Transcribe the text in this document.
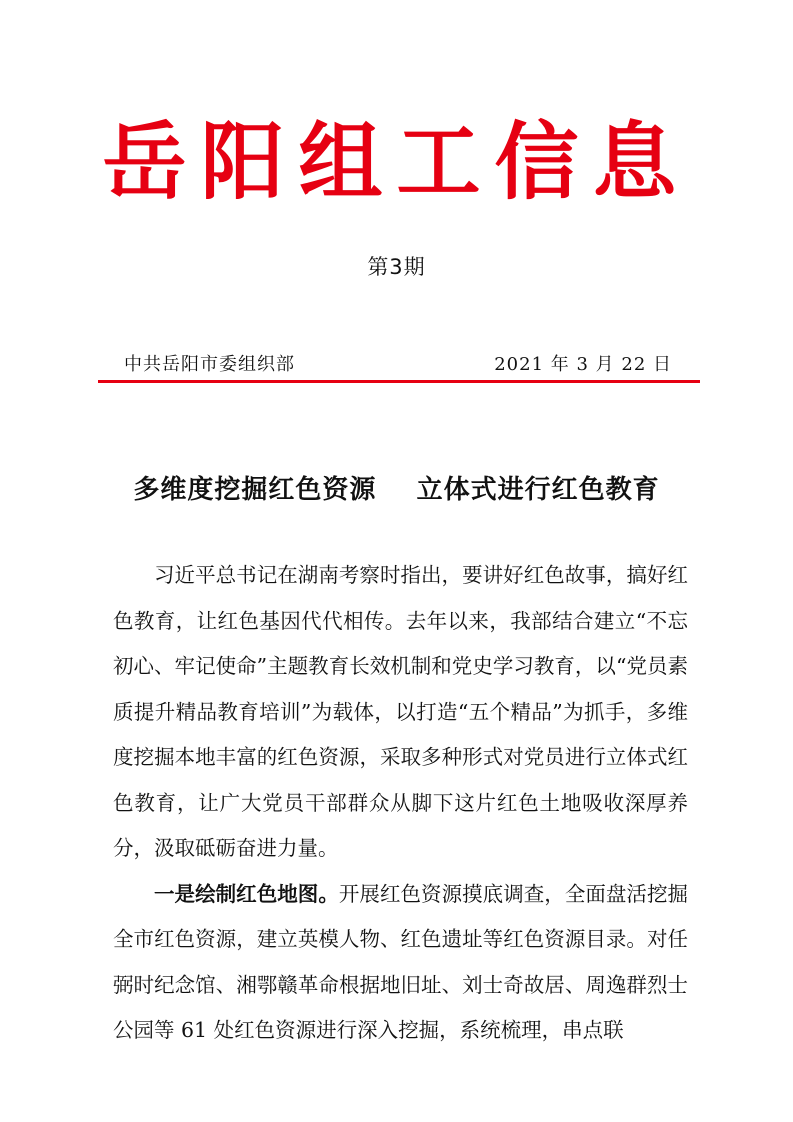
岳阳组工信息
第3期
中共岳阳市委组织部	2021 年 3 月 22 日
多维度挖掘红色资源    立体式进行红色教育

习近平总书记在湖南考察时指出，要讲好红色故事，搞好红色教育，让红色基因代代相传。去年以来，我部结合建立“不忘初心、牢记使命”主题教育长效机制和党史学习教育，以“党员素质提升精品教育培训”为载体，以打造“五个精品”为抓手，多维度挖掘本地丰富的红色资源，采取多种形式对党员进行立体式红色教育，让广大党员干部群众从脚下这片红色土地吸收深厚养分，汲取砥砺奋进力量。

一是绘制红色地图。开展红色资源摸底调查，全面盘活挖掘全市红色资源，建立英模人物、红色遗址等红色资源目录。对任弼时纪念馆、湘鄂赣革命根据地旧址、刘士奇故居、周逸群烈士公园等 61 处红色资源进行深入挖掘，系统梳理，串点联
